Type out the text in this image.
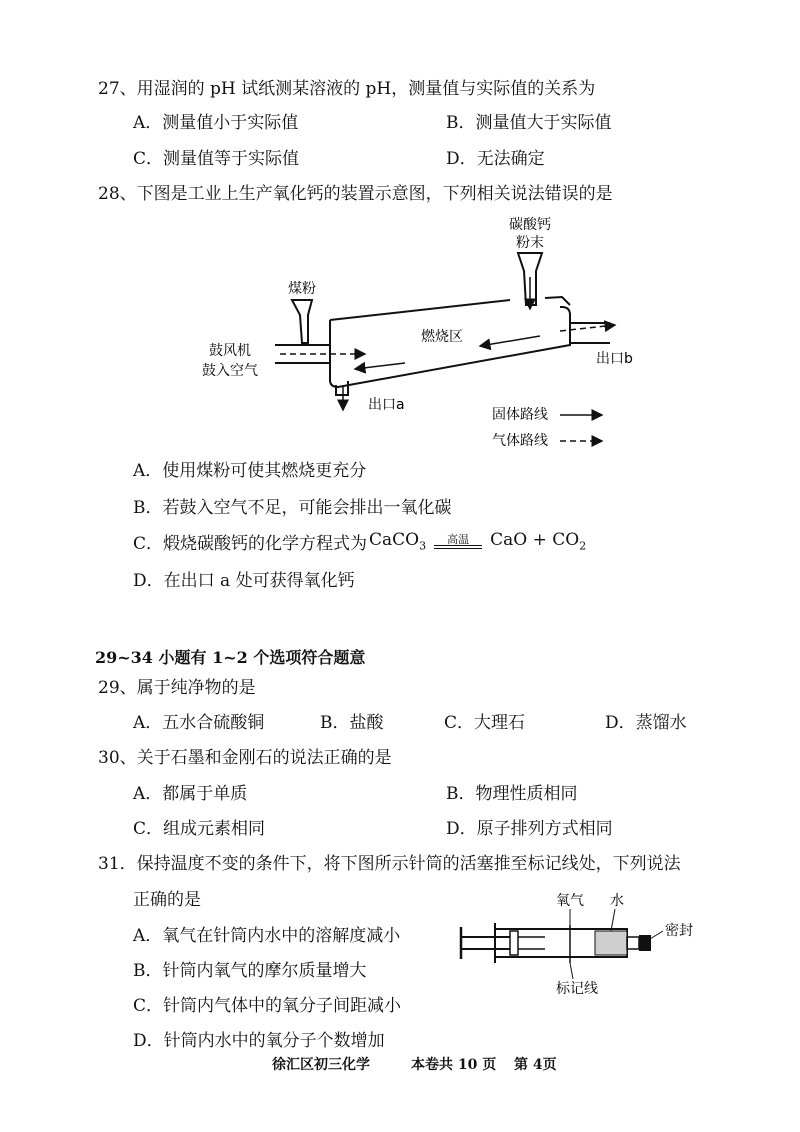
27、用湿润的 pH 试纸测某溶液的 pH，测量值与实际值的关系为
A．测量值小于实际值	B．测量值大于实际值
C．测量值等于实际值	D．无法确定
28、下图是工业上生产氧化钙的装置示意图，下列相关说法错误的是
碳酸钙
粉末
煤粉
鼓风机
鼓入空气
燃烧区
出口b
出口a
固体路线
气体路线
A．使用煤粉可使其燃烧更充分
B．若鼓入空气不足，可能会排出一氧化碳
C．煅烧碳酸钙的化学方程式为 CaCO$_3$
高温 CaO + $CO_2$
D．在出口 a 处可获得氧化钙
29~34 小题有 1~2 个选项符合题意
29、属于纯净物的是
A．五水合硫酸铜	B．盐酸	C．大理石	D．蒸馏水
30、关于石墨和金刚石的说法正确的是
A．都属于单质	B．物理性质相同
C．组成元素相同	D．原子排列方式相同
31．保持温度不变的条件下，将下图所示针筒的活塞推至标记线处，下列说法
正确的是
A．氧气在针筒内水中的溶解度减小
B．针筒内氧气的摩尔质量增大
C．针筒内气体中的氧分子间距减小
D．针筒内水中的氧分子个数增加
氧气 水
密封
标记线
徐汇区初三化学	本卷共 10 页 第 4页
